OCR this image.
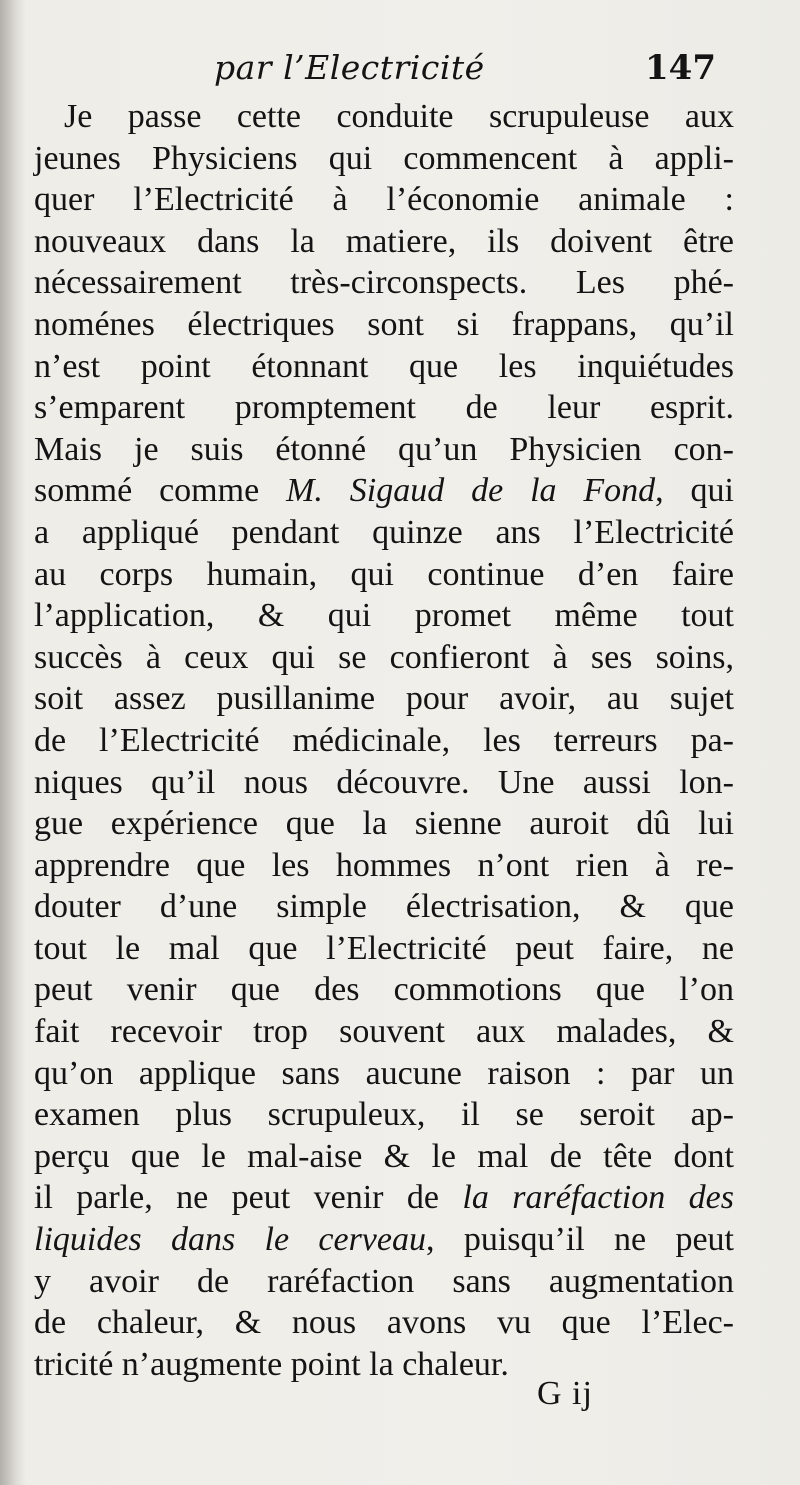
par l’Electricité	147
Je passe cette conduite scrupuleuse aux
jeunes Physiciens qui commencent à appli-
quer l’Electricité à l’économie animale :
nouveaux dans la matiere, ils doivent être
nécessairement très-circonspects. Les phé-
noménes électriques sont si frappans, qu’il
n’est point étonnant que les inquiétudes
s’emparent promptement de leur esprit.
Mais je suis étonné qu’un Physicien con-
sommé comme M. Sigaud de la Fond, qui
a appliqué pendant quinze ans l’Electricité
au corps humain, qui continue d’en faire
l’application, & qui promet même tout
succès à ceux qui se confieront à ses soins,
soit assez pusillanime pour avoir, au sujet
de l’Electricité médicinale, les terreurs pa-
niques qu’il nous découvre. Une aussi lon-
gue expérience que la sienne auroit dû lui
apprendre que les hommes n’ont rien à re-
douter d’une simple électrisation, & que
tout le mal que l’Electricité peut faire, ne
peut venir que des commotions que l’on
fait recevoir trop souvent aux malades, &
qu’on applique sans aucune raison : par un
examen plus scrupuleux, il se seroit ap-
perçu que le mal-aise & le mal de tête dont
il parle, ne peut venir de la raréfaction des
liquides dans le cerveau, puisqu’il ne peut
y avoir de raréfaction sans augmentation
de chaleur, & nous avons vu que l’Elec-
tricité n’augmente point la chaleur.
G ij
